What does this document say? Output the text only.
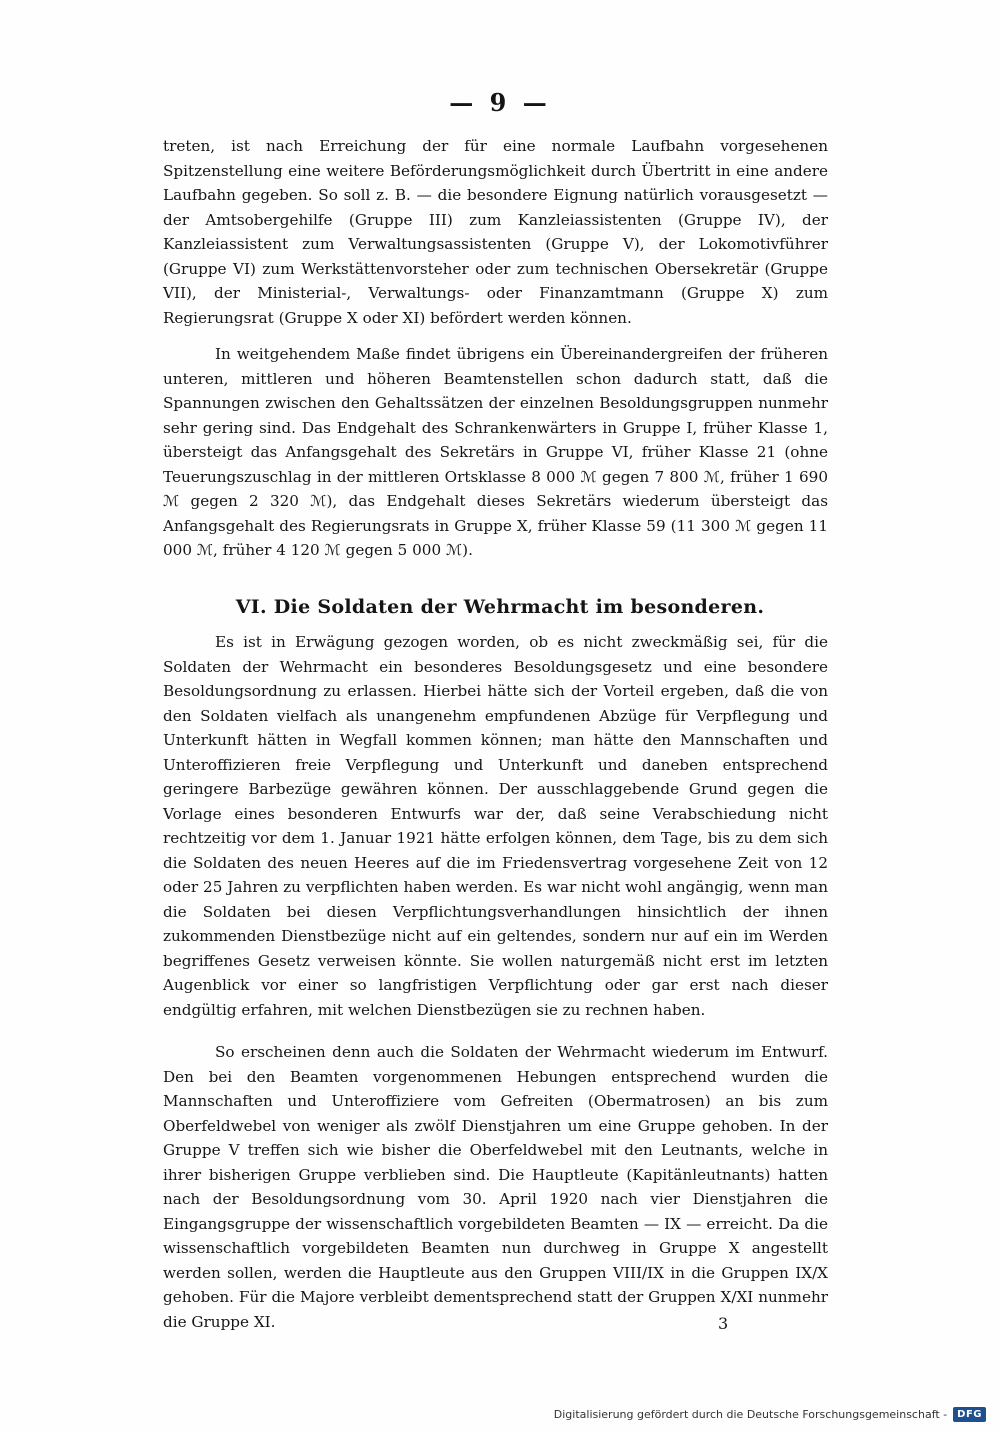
— 9 —

treten, ist nach Erreichung der für eine normale Laufbahn vorgesehenen Spitzenstellung eine weitere Beförderungsmöglichkeit durch Übertritt in eine andere Laufbahn gegeben. So soll z. B. — die besondere Eignung natürlich vorausgesetzt — der Amtsobergehilfe (Gruppe III) zum Kanzleiassistenten (Gruppe IV), der Kanzleiassistent zum Verwaltungsassistenten (Gruppe V), der Lokomotivführer (Gruppe VI) zum Werkstättenvorsteher oder zum technischen Obersekretär (Gruppe VII), der Ministerial-, Verwaltungs- oder Finanzamtmann (Gruppe X) zum Regierungsrat (Gruppe X oder XI) befördert werden können.

In weitgehendem Maße findet übrigens ein Übereinandergreifen der früheren unteren, mittleren und höheren Beamtenstellen schon dadurch statt, daß die Spannungen zwischen den Gehaltssätzen der einzelnen Besoldungsgruppen nunmehr sehr gering sind. Das Endgehalt des Schrankenwärters in Gruppe I, früher Klasse 1, übersteigt das Anfangsgehalt des Sekretärs in Gruppe VI, früher Klasse 21 (ohne Teuerungszuschlag in der mittleren Ortsklasse 8 000 ℳ gegen 7 800 ℳ, früher 1 690 ℳ gegen 2 320 ℳ), das Endgehalt dieses Sekretärs wiederum übersteigt das Anfangsgehalt des Regierungsrats in Gruppe X, früher Klasse 59 (11 300 ℳ gegen 11 000 ℳ, früher 4 120 ℳ gegen 5 000 ℳ).

VI. Die Soldaten der Wehrmacht im besonderen.

Es ist in Erwägung gezogen worden, ob es nicht zweckmäßig sei, für die Soldaten der Wehrmacht ein besonderes Besoldungsgesetz und eine besondere Besoldungsordnung zu erlassen. Hierbei hätte sich der Vorteil ergeben, daß die von den Soldaten vielfach als unangenehm empfundenen Abzüge für Verpflegung und Unterkunft hätten in Wegfall kommen können; man hätte den Mannschaften und Unteroffizieren freie Verpflegung und Unterkunft und daneben entsprechend geringere Barbezüge gewähren können. Der ausschlaggebende Grund gegen die Vorlage eines besonderen Entwurfs war der, daß seine Verabschiedung nicht rechtzeitig vor dem 1. Januar 1921 hätte erfolgen können, dem Tage, bis zu dem sich die Soldaten des neuen Heeres auf die im Friedensvertrag vorgesehene Zeit von 12 oder 25 Jahren zu verpflichten haben werden. Es war nicht wohl angängig, wenn man die Soldaten bei diesen Verpflichtungsverhandlungen hinsichtlich der ihnen zukommenden Dienstbezüge nicht auf ein geltendes, sondern nur auf ein im Werden begriffenes Gesetz verweisen könnte. Sie wollen naturgemäß nicht erst im letzten Augenblick vor einer so langfristigen Verpflichtung oder gar erst nach dieser endgültig erfahren, mit welchen Dienstbezügen sie zu rechnen haben.

So erscheinen denn auch die Soldaten der Wehrmacht wiederum im Entwurf. Den bei den Beamten vorgenommenen Hebungen entsprechend wurden die Mannschaften und Unteroffiziere vom Gefreiten (Obermatrosen) an bis zum Oberfeldwebel von weniger als zwölf Dienstjahren um eine Gruppe gehoben. In der Gruppe V treffen sich wie bisher die Oberfeldwebel mit den Leutnants, welche in ihrer bisherigen Gruppe verblieben sind. Die Hauptleute (Kapitänleutnants) hatten nach der Besoldungsordnung vom 30. April 1920 nach vier Dienstjahren die Eingangsgruppe der wissenschaftlich vorgebildeten Beamten — IX — erreicht. Da die wissenschaftlich vorgebildeten Beamten nun durchweg in Gruppe X angestellt werden sollen, werden die Hauptleute aus den Gruppen VIII/IX in die Gruppen IX/X gehoben. Für die Majore verbleibt dementsprechend statt der Gruppen X/XI nunmehr die Gruppe XI.	3
Digitalisierung gefördert durch die Deutsche Forschungsgemeinschaft -	DFG
